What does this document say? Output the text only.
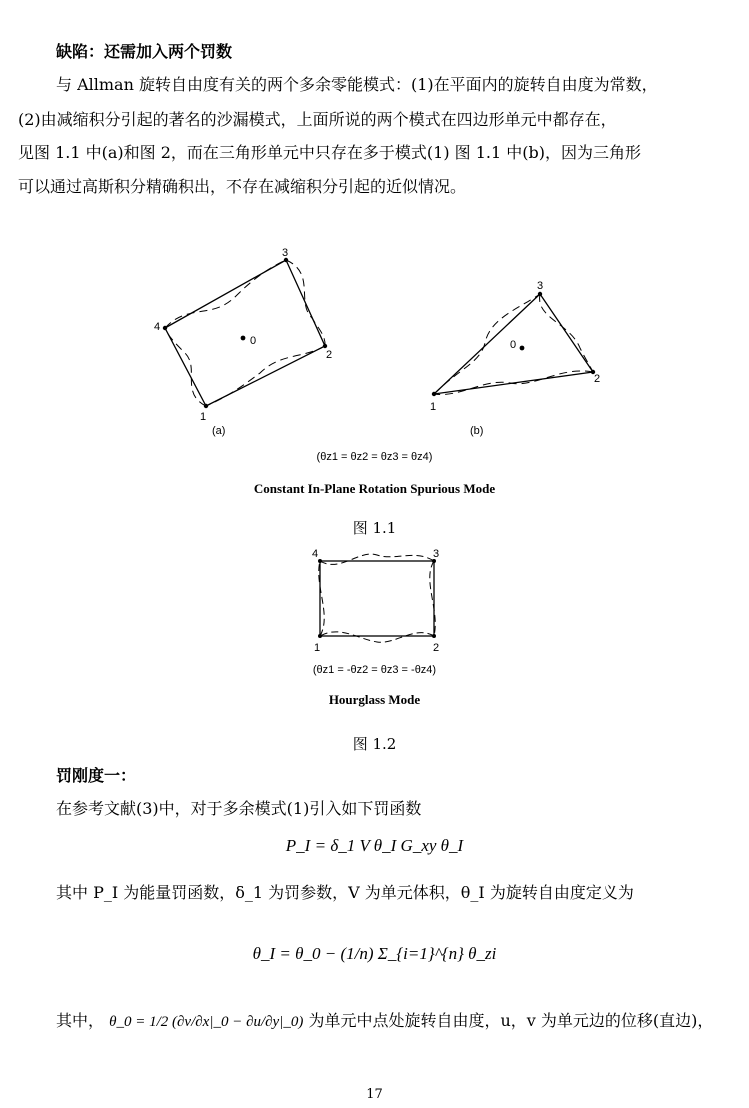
缺陷：还需加入两个罚数
与 Allman 旋转自由度有关的两个多余零能模式：(1)在平面内的旋转自由度为常数，
(2)由减缩积分引起的著名的沙漏模式，上面所说的两个模式在四边形单元中都存在，
见图 1.1 中(a)和图 2，而在三角形单元中只存在多于模式(1) 图 1.1 中(b)，因为三角形
可以通过高斯积分精确积出，不存在减缩积分引起的近似情况。
4
3
2
1
0
(a)
1
2
3
0
(b)
(θz1 = θz2 = θz3 = θz4)
Constant In-Plane Rotation Spurious Mode
图 1.1
4	3
1	2
(θz1 = -θz2 = θz3 = -θz4)
Hourglass Mode
图 1.2
罚刚度一：
在参考文献(3)中，对于多余模式(1)引入如下罚函数
P_I = δ_1 V θ_I G_xy θ_I
其中 P_I 为能量罚函数，δ_1 为罚参数，V 为单元体积，θ_I 为旋转自由度定义为
θ_I = θ_0 − (1/n) Σ_{i=1}^{n} θ_zi
其中， θ_0 = 1/2 (∂v/∂x|_0 − ∂u/∂y|_0) 为单元中点处旋转自由度，u，v 为单元边的位移(直边)，
17
